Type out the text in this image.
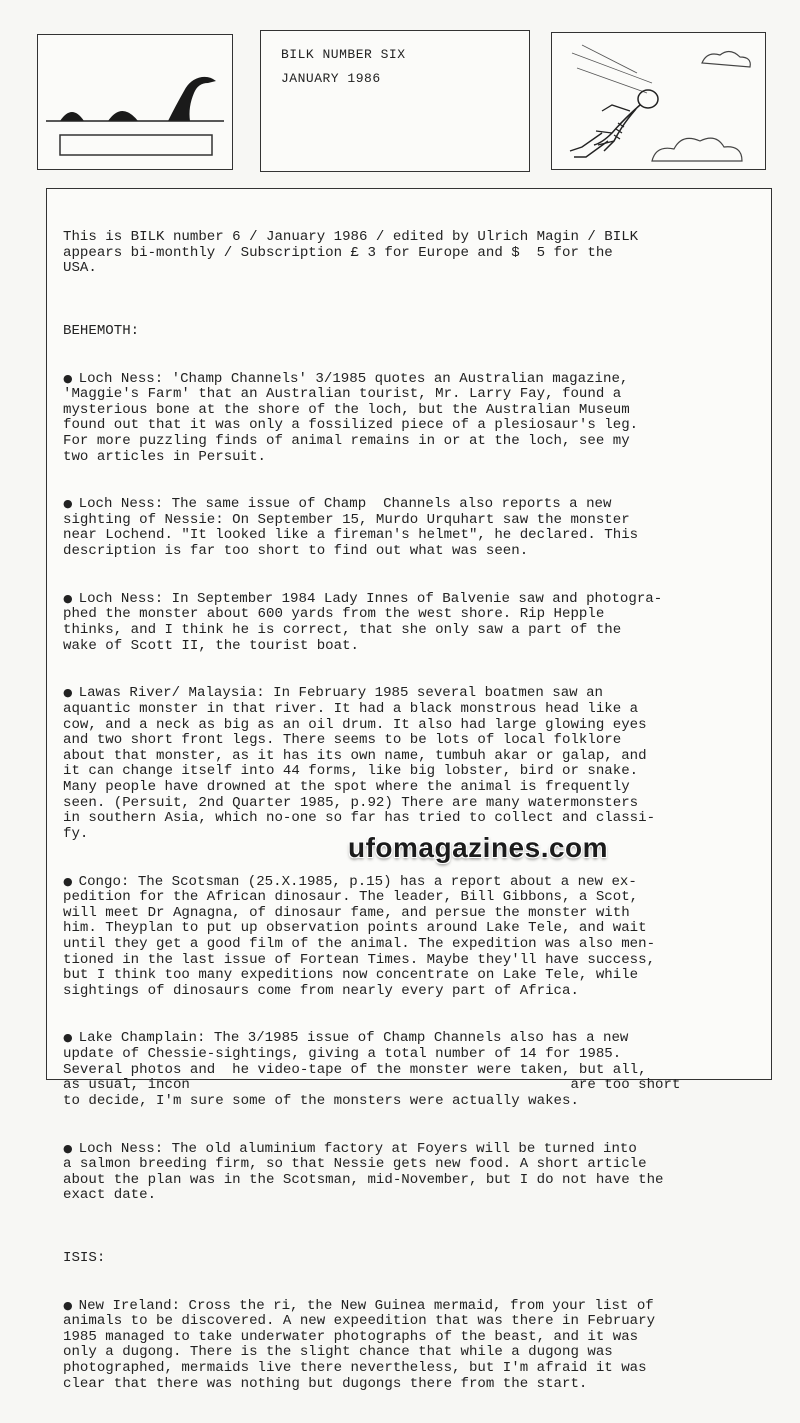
BILK NUMBER SIX
JANUARY 1986

This is BILK number 6 / January 1986 / edited by Ulrich Magin / BILK
appears bi-monthly / Subscription £ 3 for Europe and $  5 for the
USA.

BEHEMOTH:

● Loch Ness: 'Champ Channels' 3/1985 quotes an Australian magazine,
'Maggie's Farm' that an Australian tourist, Mr. Larry Fay, found a
mysterious bone at the shore of the loch, but the Australian Museum
found out that it was only a fossilized piece of a plesiosaur's leg.
For more puzzling finds of animal remains in or at the loch, see my
two articles in Persuit.

● Loch Ness: The same issue of Champ  Channels also reports a new
sighting of Nessie: On September 15, Murdo Urquhart saw the monster
near Lochend. "It looked like a fireman's helmet", he declared. This
description is far too short to find out what was seen.

● Loch Ness: In September 1984 Lady Innes of Balvenie saw and photogra-
phed the monster about 600 yards from the west shore. Rip Hepple
thinks, and I think he is correct, that she only saw a part of the
wake of Scott II, the tourist boat.

● Lawas River/ Malaysia: In February 1985 several boatmen saw an
aquantic monster in that river. It had a black monstrous head like a
cow, and a neck as big as an oil drum. It also had large glowing eyes
and two short front legs. There seems to be lots of local folklore
about that monster, as it has its own name, tumbuh akar or galap, and
it can change itself into 44 forms, like big lobster, bird or snake.
Many people have drowned at the spot where the animal is frequently
seen. (Persuit, 2nd Quarter 1985, p.92) There are many watermonsters
in southern Asia, which no-one so far has tried to collect and classi-
fy.

● Congo: The Scotsman (25.X.1985, p.15) has a report about a new ex-
pedition for the African dinosaur. The leader, Bill Gibbons, a Scot,
will meet Dr Agnagna, of dinosaur fame, and persue the monster with
him. Theyplan to put up observation points around Lake Tele, and wait
until they get a good film of the animal. The expedition was also men-
tioned in the last issue of Fortean Times. Maybe they'll have success,
but I think too many expeditions now concentrate on Lake Tele, while
sightings of dinosaurs come from nearly every part of Africa.

● Lake Champlain: The 3/1985 issue of Champ Channels also has a new
update of Chessie-sightings, giving a total number of 14 for 1985.
Several photos and  he video-tape of the monster were taken, but all,
as usual, incon                                             are too short
to decide, I'm sure some of the monsters were actually wakes.

● Loch Ness: The old aluminium factory at Foyers will be turned into
a salmon breeding firm, so that Nessie gets new food. A short article
about the plan was in the Scotsman, mid-November, but I do not have the
exact date.

ISIS:

● New Ireland: Cross the ri, the New Guinea mermaid, from your list of
animals to be discovered. A new expeedition that was there in February
1985 managed to take underwater photographs of the beast, and it was
only a dugong. There is the slight chance that while a dugong was
photographed, mermaids live there nevertheless, but I'm afraid it was
clear that there was nothing but dugongs there from the start.

ufomagazines.com
